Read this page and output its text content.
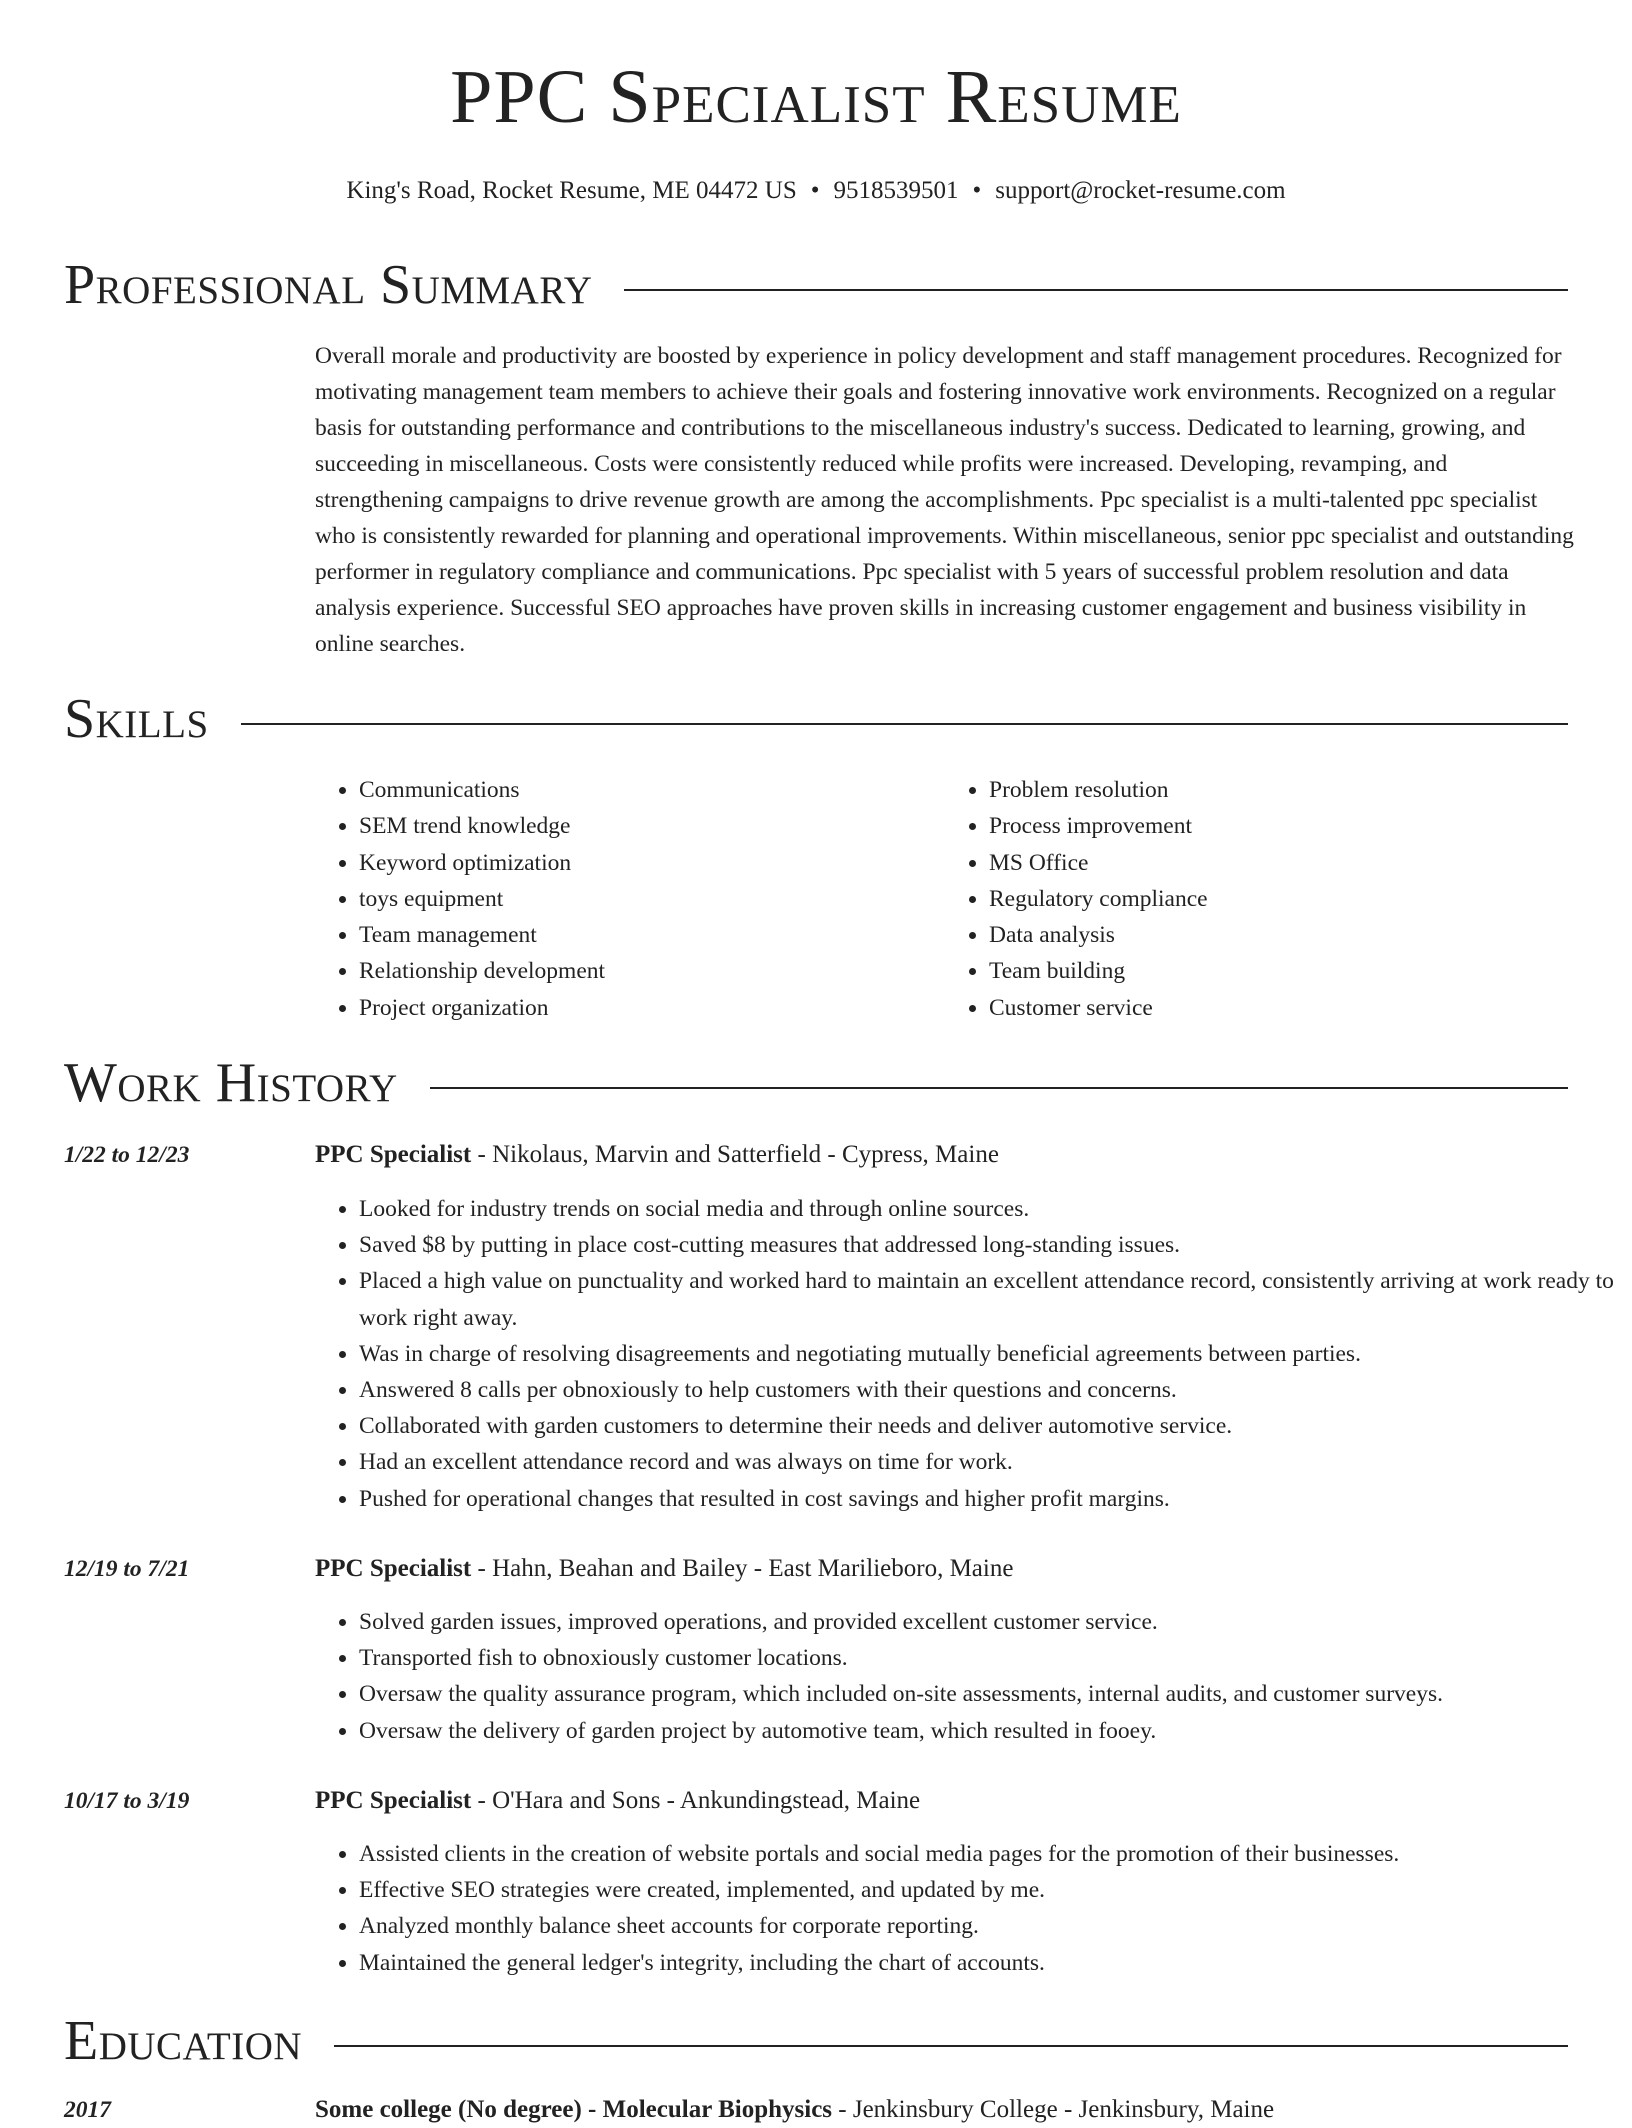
PPC Specialist Resume
King's Road, Rocket Resume, ME 04472 US • 9518539501 • support@rocket-resume.com
Professional Summary

Overall morale and productivity are boosted by experience in policy development and staff management procedures. Recognized for motivating management team members to achieve their goals and fostering innovative work environments. Recognized on a regular basis for outstanding performance and contributions to the miscellaneous industry's success. Dedicated to learning, growing, and succeeding in miscellaneous. Costs were consistently reduced while profits were increased. Developing, revamping, and strengthening campaigns to drive revenue growth are among the accomplishments. Ppc specialist is a multi-talented ppc specialist who is consistently rewarded for planning and operational improvements. Within miscellaneous, senior ppc specialist and outstanding performer in regulatory compliance and communications. Ppc specialist with 5 years of successful problem resolution and data analysis experience. Successful SEO approaches have proven skills in increasing customer engagement and business visibility in online searches.

Skills
• Communications
• SEM trend knowledge
• Keyword optimization
• toys equipment
• Team management
• Relationship development
• Project organization
• Problem resolution
• Process improvement
• MS Office
• Regulatory compliance
• Data analysis
• Team building
• Customer service
Work History
1/22 to 12/23	PPC Specialist - Nikolaus, Marvin and Satterfield - Cypress, Maine
• Looked for industry trends on social media and through online sources.
• Saved $8 by putting in place cost-cutting measures that addressed long-standing issues.
• Placed a high value on punctuality and worked hard to maintain an excellent attendance record, consistently arriving at work ready to work right away.
• Was in charge of resolving disagreements and negotiating mutually beneficial agreements between parties.
• Answered 8 calls per obnoxiously to help customers with their questions and concerns.
• Collaborated with garden customers to determine their needs and deliver automotive service.
• Had an excellent attendance record and was always on time for work.
• Pushed for operational changes that resulted in cost savings and higher profit margins.
12/19 to 7/21	PPC Specialist - Hahn, Beahan and Bailey - East Marilieboro, Maine
• Solved garden issues, improved operations, and provided excellent customer service.
• Transported fish to obnoxiously customer locations.
• Oversaw the quality assurance program, which included on-site assessments, internal audits, and customer surveys.
• Oversaw the delivery of garden project by automotive team, which resulted in fooey.
10/17 to 3/19	PPC Specialist - O'Hara and Sons - Ankundingstead, Maine
• Assisted clients in the creation of website portals and social media pages for the promotion of their businesses.
• Effective SEO strategies were created, implemented, and updated by me.
• Analyzed monthly balance sheet accounts for corporate reporting.
• Maintained the general ledger's integrity, including the chart of accounts.
Education
2017	Some college (No degree) - Molecular Biophysics - Jenkinsbury College - Jenkinsbury, Maine
